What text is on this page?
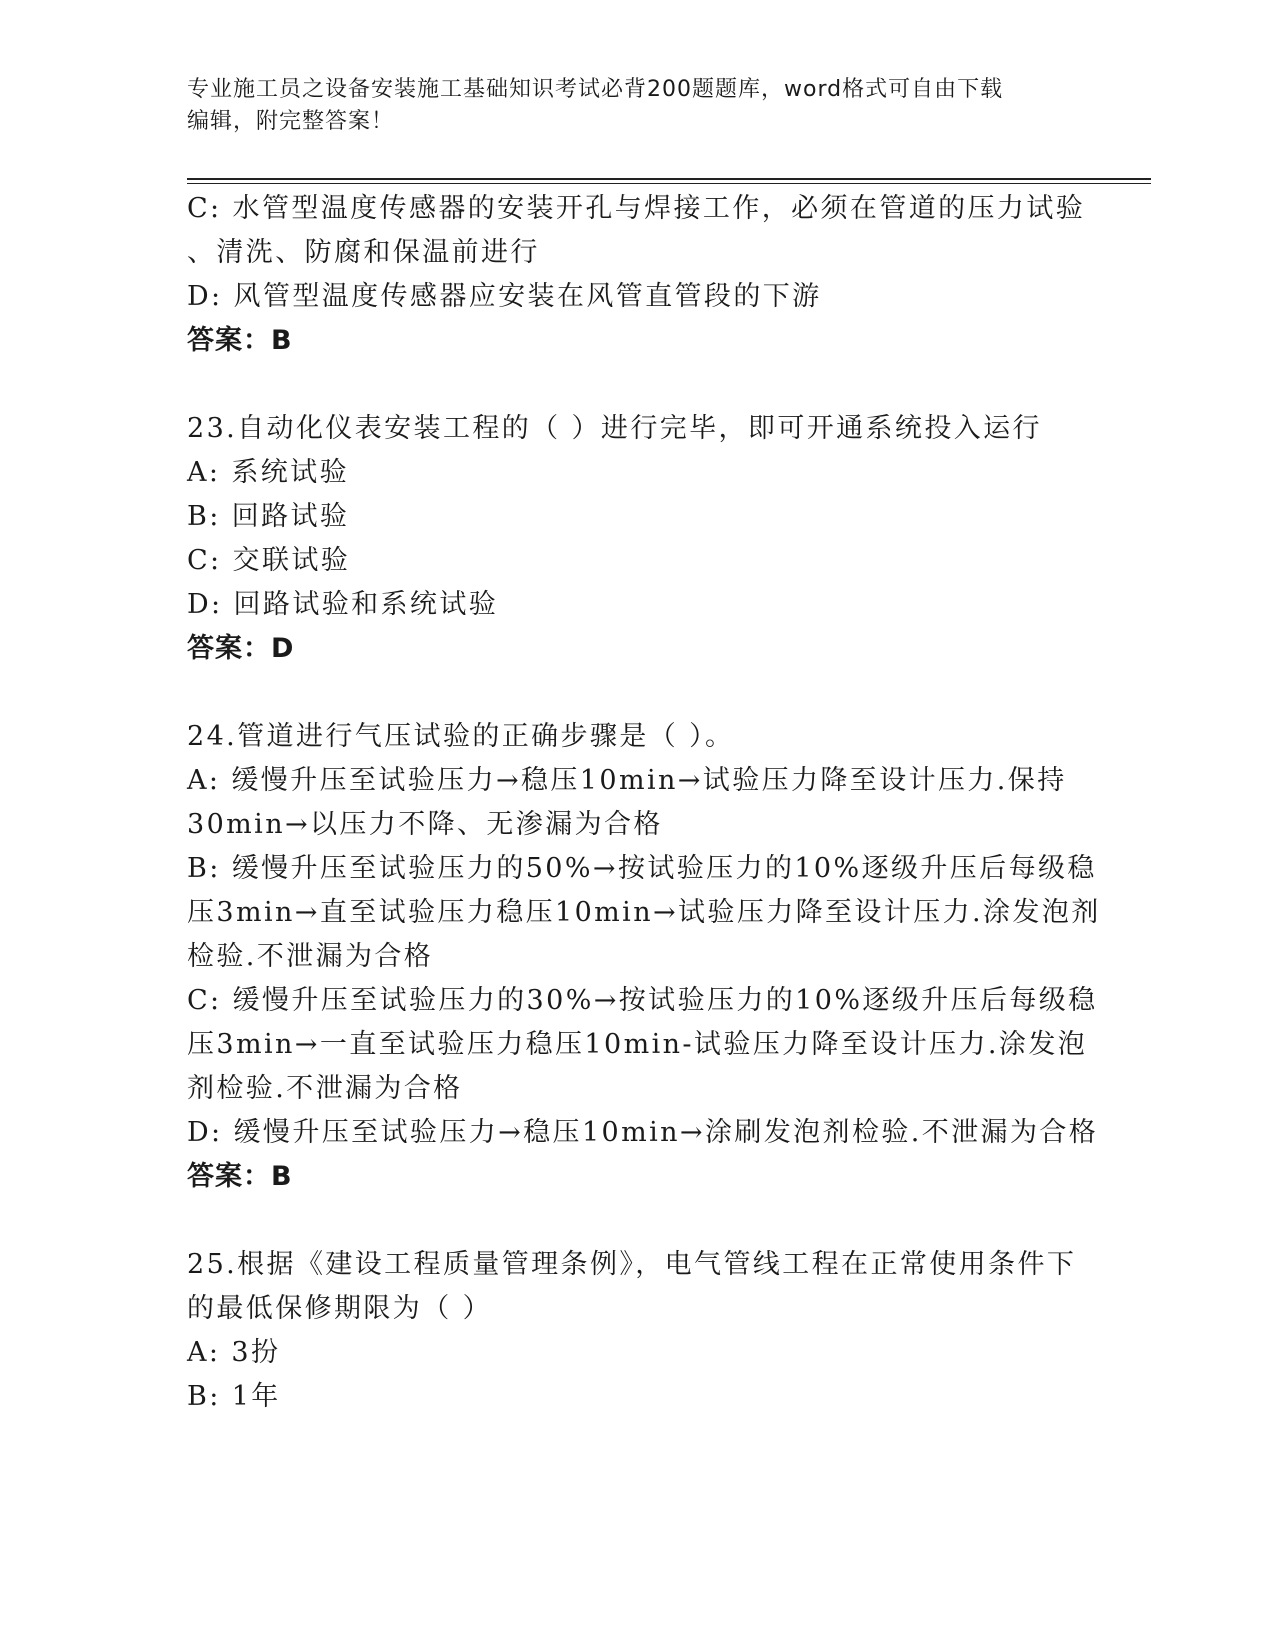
专业施工员之设备安装施工基础知识考试必背200题题库，word格式可自由下载
编辑，附完整答案！
C: 水管型温度传感器的安装开孔与焊接工作，必须在管道的压力试验
、清洗、防腐和保温前进行
D: 风管型温度传感器应安装在风管直管段的下游
答案：B
23.自动化仪表安装工程的（ ）进行完毕，即可开通系统投入运行
A: 系统试验
B: 回路试验
C: 交联试验
D: 回路试验和系统试验
答案：D
24.管道进行气压试验的正确步骤是（ ）。
A: 缓慢升压至试验压力→稳压10min→试验压力降至设计压力.保持
30min→以压力不降、无渗漏为合格
B: 缓慢升压至试验压力的50%→按试验压力的10%逐级升压后每级稳
压3min→直至试验压力稳压10min→试验压力降至设计压力.涂发泡剂
检验.不泄漏为合格
C: 缓慢升压至试验压力的30%→按试验压力的10%逐级升压后每级稳
压3min→一直至试验压力稳压10min-试验压力降至设计压力.涂发泡
剂检验.不泄漏为合格
D: 缓慢升压至试验压力→稳压10min→涂刷发泡剂检验.不泄漏为合格
答案：B
25.根据《建设工程质量管理条例》，电气管线工程在正常使用条件下
的最低保修期限为（ ）
A: 3扮
B: 1年
